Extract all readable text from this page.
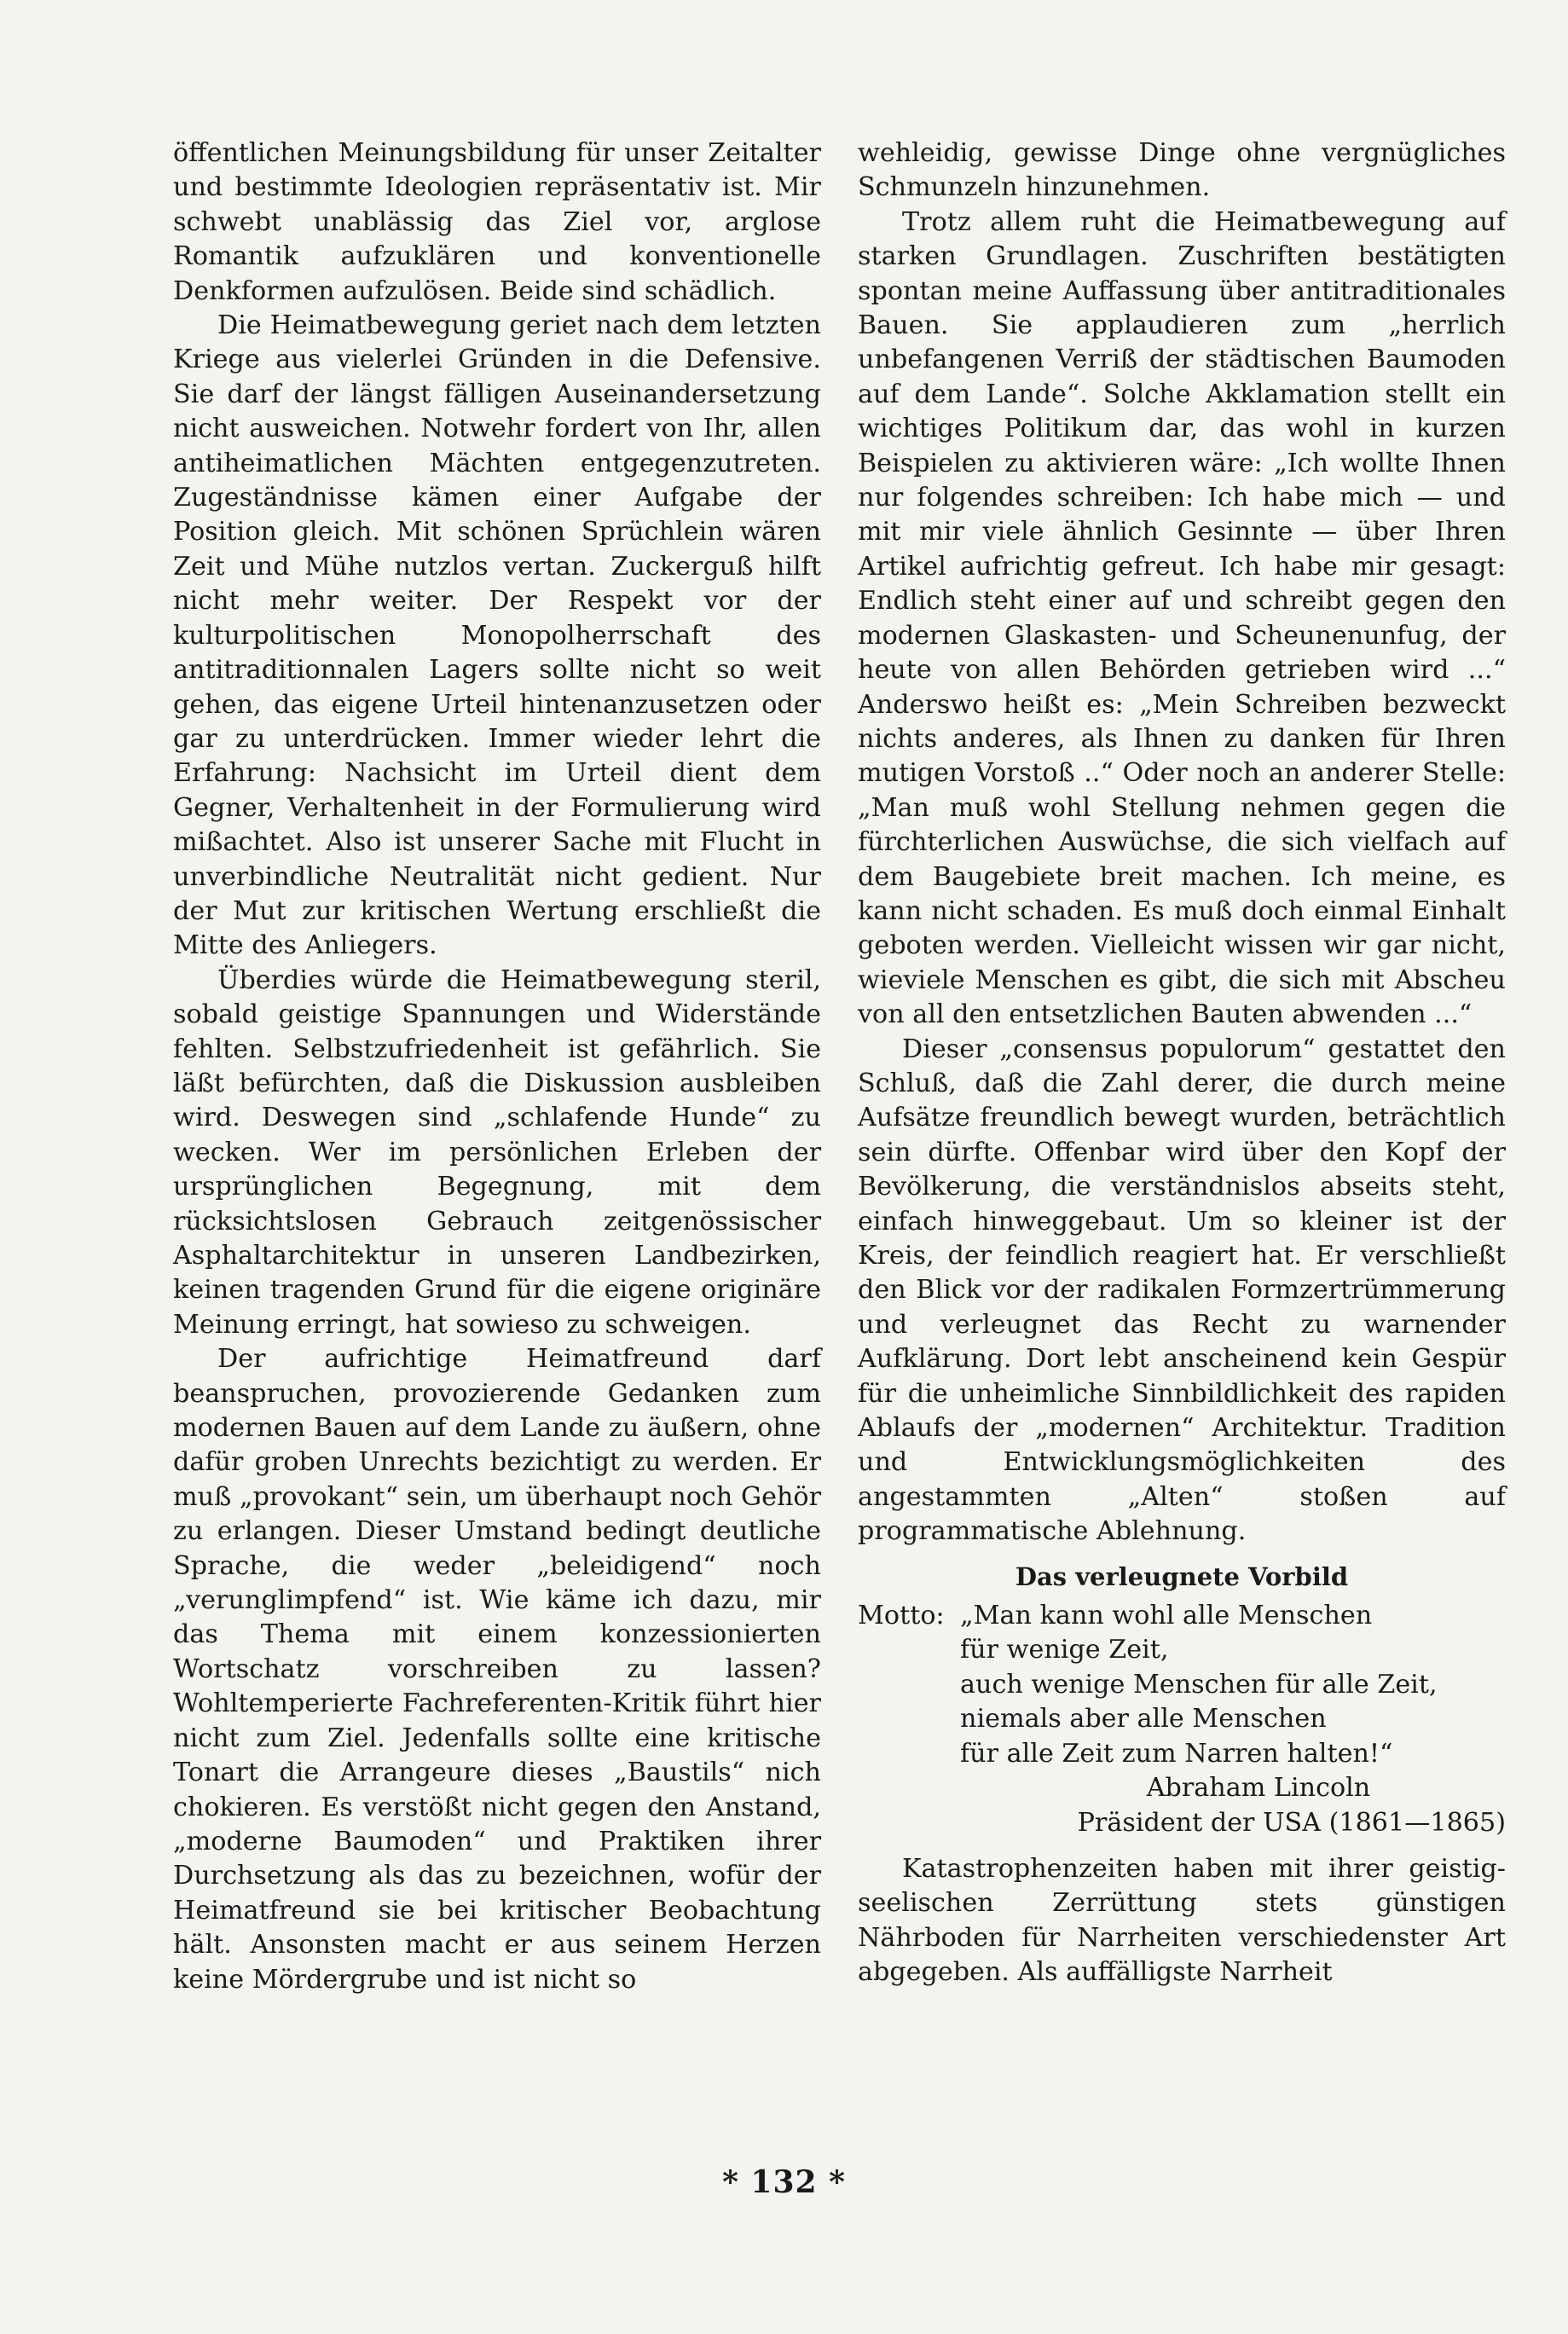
öffentlichen Meinungsbildung für unser Zeitalter und bestimmte Ideologien repräsentativ ist. Mir schwebt unablässig das Ziel vor, arglose Romantik aufzuklären und konventionelle Denkformen aufzulösen. Beide sind schädlich.

Die Heimatbewegung geriet nach dem letzten Kriege aus vielerlei Gründen in die Defensive. Sie darf der längst fälligen Auseinandersetzung nicht ausweichen. Notwehr fordert von Ihr, allen antiheimatlichen Mächten entgegenzutreten. Zugeständnisse kämen einer Aufgabe der Position gleich. Mit schönen Sprüchlein wären Zeit und Mühe nutzlos vertan. Zuckerguß hilft nicht mehr weiter. Der Respekt vor der kulturpolitischen Monopolherrschaft des antitraditionnalen Lagers sollte nicht so weit gehen, das eigene Urteil hintenanzusetzen oder gar zu unterdrücken. Immer wieder lehrt die Erfahrung: Nachsicht im Urteil dient dem Gegner, Verhaltenheit in der Formulierung wird mißachtet. Also ist unserer Sache mit Flucht in unverbindliche Neutralität nicht gedient. Nur der Mut zur kritischen Wertung erschließt die Mitte des Anliegers.

Überdies würde die Heimatbewegung steril, sobald geistige Spannungen und Widerstände fehlten. Selbstzufriedenheit ist gefährlich. Sie läßt befürchten, daß die Diskussion ausbleiben wird. Deswegen sind „schlafende Hunde“ zu wecken. Wer im persönlichen Erleben der ursprünglichen Begegnung, mit dem rücksichtslosen Gebrauch zeitgenössischer Asphaltarchitektur in unseren Landbezirken, keinen tragenden Grund für die eigene originäre Meinung erringt, hat sowieso zu schweigen.

Der aufrichtige Heimatfreund darf beanspruchen, provozierende Gedanken zum modernen Bauen auf dem Lande zu äußern, ohne dafür groben Unrechts bezichtigt zu werden. Er muß „provokant“ sein, um überhaupt noch Gehör zu erlangen. Dieser Umstand bedingt deutliche Sprache, die weder „beleidigend“ noch „verunglimpfend“ ist. Wie käme ich dazu, mir das Thema mit einem konzessionierten Wortschatz vorschreiben zu lassen? Wohltemperierte Fachreferenten-Kritik führt hier nicht zum Ziel. Jedenfalls sollte eine kritische Tonart die Arrangeure dieses „Baustils“ nich chokieren. Es verstößt nicht gegen den Anstand, „moderne Baumoden“ und Praktiken ihrer Durchsetzung als das zu bezeichnen, wofür der Heimatfreund sie bei kritischer Beobachtung hält. Ansonsten macht er aus seinem Herzen keine Mördergrube und ist nicht so

wehleidig, gewisse Dinge ohne vergnügliches Schmunzeln hinzunehmen.

Trotz allem ruht die Heimatbewegung auf starken Grundlagen. Zuschriften bestätigten spontan meine Auffassung über antitraditionales Bauen. Sie applaudieren zum „herrlich unbefangenen Verriß der städtischen Baumoden auf dem Lande“. Solche Akklamation stellt ein wichtiges Politikum dar, das wohl in kurzen Beispielen zu aktivieren wäre: „Ich wollte Ihnen nur folgendes schreiben: Ich habe mich — und mit mir viele ähnlich Gesinnte — über Ihren Artikel aufrichtig gefreut. Ich habe mir gesagt: Endlich steht einer auf und schreibt gegen den modernen Glaskasten- und Scheunenunfug, der heute von allen Behörden getrieben wird ...“ Anderswo heißt es: „Mein Schreiben bezweckt nichts anderes, als Ihnen zu danken für Ihren mutigen Vorstoß ..“ Oder noch an anderer Stelle: „Man muß wohl Stellung nehmen gegen die fürchterlichen Auswüchse, die sich vielfach auf dem Baugebiete breit machen. Ich meine, es kann nicht schaden. Es muß doch einmal Einhalt geboten werden. Vielleicht wissen wir gar nicht, wieviele Menschen es gibt, die sich mit Abscheu von all den entsetzlichen Bauten abwenden ...“

Dieser „consensus populorum“ gestattet den Schluß, daß die Zahl derer, die durch meine Aufsätze freundlich bewegt wurden, beträchtlich sein dürfte. Offenbar wird über den Kopf der Bevölkerung, die verständnislos abseits steht, einfach hinweggebaut. Um so kleiner ist der Kreis, der feindlich reagiert hat. Er verschließt den Blick vor der radikalen Formzertrümmerung und verleugnet das Recht zu warnender Aufklärung. Dort lebt anscheinend kein Gespür für die unheimliche Sinnbildlichkeit des rapiden Ablaufs der „modernen“ Architektur. Tradition und Entwicklungsmöglichkeiten des angestammten „Alten“ stoßen auf programmatische Ablehnung.

Das verleugnete Vorbild
Motto: „Man kann wohl alle Menschen
für wenige Zeit,
auch wenige Menschen für alle Zeit,
niemals aber alle Menschen
für alle Zeit zum Narren halten!“
Abraham Lincoln
Präsident der USA (1861—1865)

Katastrophenzeiten haben mit ihrer geistig-seelischen Zerrüttung stets günstigen Nährboden für Narrheiten verschiedenster Art abgegeben. Als auffälligste Narrheit

* 132 *
